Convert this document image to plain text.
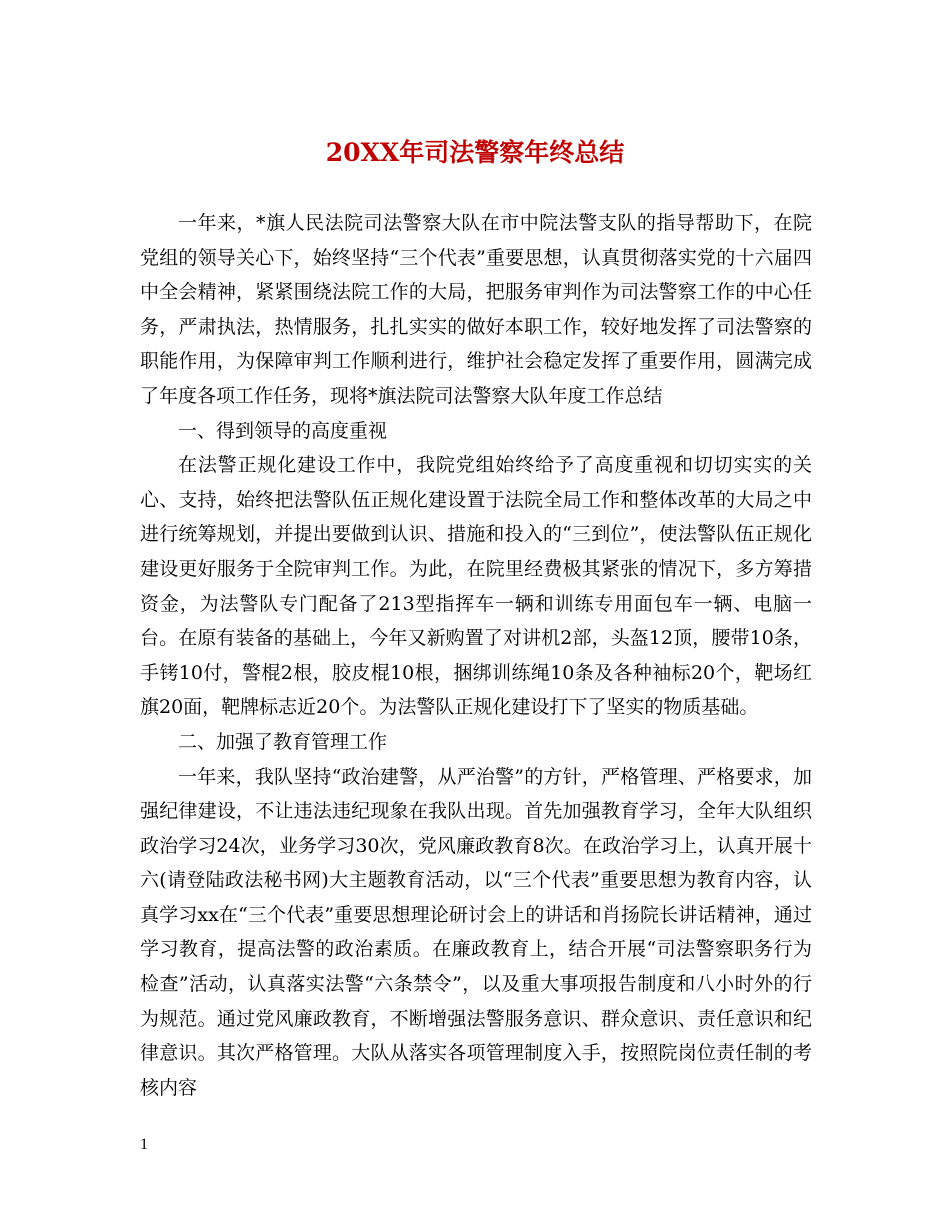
20XX年司法警察年终总结

一年来，*旗人民法院司法警察大队在市中院法警支队的指导帮助下，在院党组的领导关心下，始终坚持“三个代表”重要思想，认真贯彻落实党的十六届四中全会精神，紧紧围绕法院工作的大局，把服务审判作为司法警察工作的中心任务，严肃执法，热情服务，扎扎实实的做好本职工作，较好地发挥了司法警察的职能作用，为保障审判工作顺利进行，维护社会稳定发挥了重要作用，圆满完成了年度各项工作任务，现将*旗法院司法警察大队年度工作总结

一、得到领导的高度重视

在法警正规化建设工作中，我院党组始终给予了高度重视和切切实实的关心、支持，始终把法警队伍正规化建设置于法院全局工作和整体改革的大局之中进行统筹规划，并提出要做到认识、措施和投入的“三到位”，使法警队伍正规化建设更好服务于全院审判工作。为此，在院里经费极其紧张的情况下，多方筹措资金，为法警队专门配备了213型指挥车一辆和训练专用面包车一辆、电脑一台。在原有装备的基础上，今年又新购置了对讲机2部，头盔12顶，腰带10条，手铐10付，警棍2根，胶皮棍10根，捆绑训练绳10条及各种袖标20个，靶场红旗20面，靶牌标志近20个。为法警队正规化建设打下了坚实的物质基础。

二、加强了教育管理工作

一年来，我队坚持“政治建警，从严治警”的方针，严格管理、严格要求，加强纪律建设，不让违法违纪现象在我队出现。首先加强教育学习，全年大队组织政治学习24次，业务学习30次，党风廉政教育8次。在政治学习上，认真开展十六(请登陆政法秘书网)大主题教育活动，以“三个代表”重要思想为教育内容，认真学习xx在“三个代表”重要思想理论研讨会上的讲话和肖扬院长讲话精神，通过学习教育，提高法警的政治素质。在廉政教育上，结合开展“司法警察职务行为检查”活动，认真落实法警“六条禁令”，以及重大事项报告制度和八小时外的行为规范。通过党风廉政教育，不断增强法警服务意识、群众意识、责任意识和纪律意识。其次严格管理。大队从落实各项管理制度入手，按照院岗位责任制的考核内容

1
